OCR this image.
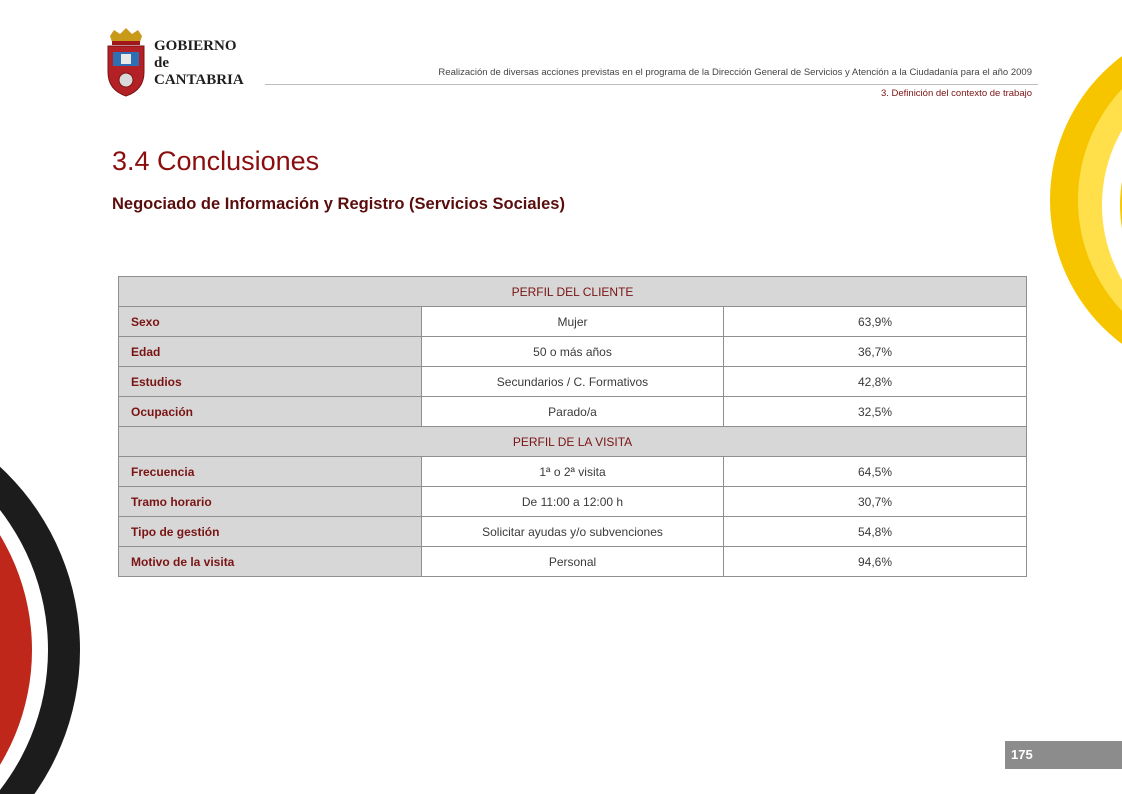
GOBIERNO
de
CANTABRIA	Realización de diversas acciones previstas en el programa de la Dirección General de Servicios y Atención a la Ciudadanía para el año 2009
3. Definición del contexto de trabajo
3.4 Conclusiones
Negociado de Información y Registro (Servicios Sociales)
PERFIL DEL CLIENTE		
Sexo	Mujer	63,9%
Edad	50 o más años	36,7%
Estudios	Secundarios / C. Formativos	42,8%
Ocupación	Parado/a	32,5%
PERFIL DE LA VISITA		
Frecuencia	1ª o 2ª visita	64,5%
Tramo horario	De 11:00 a 12:00 h	30,7%
Tipo de gestión	Solicitar ayudas y/o subvenciones	54,8%
Motivo de la visita	Personal	94,6%
175
